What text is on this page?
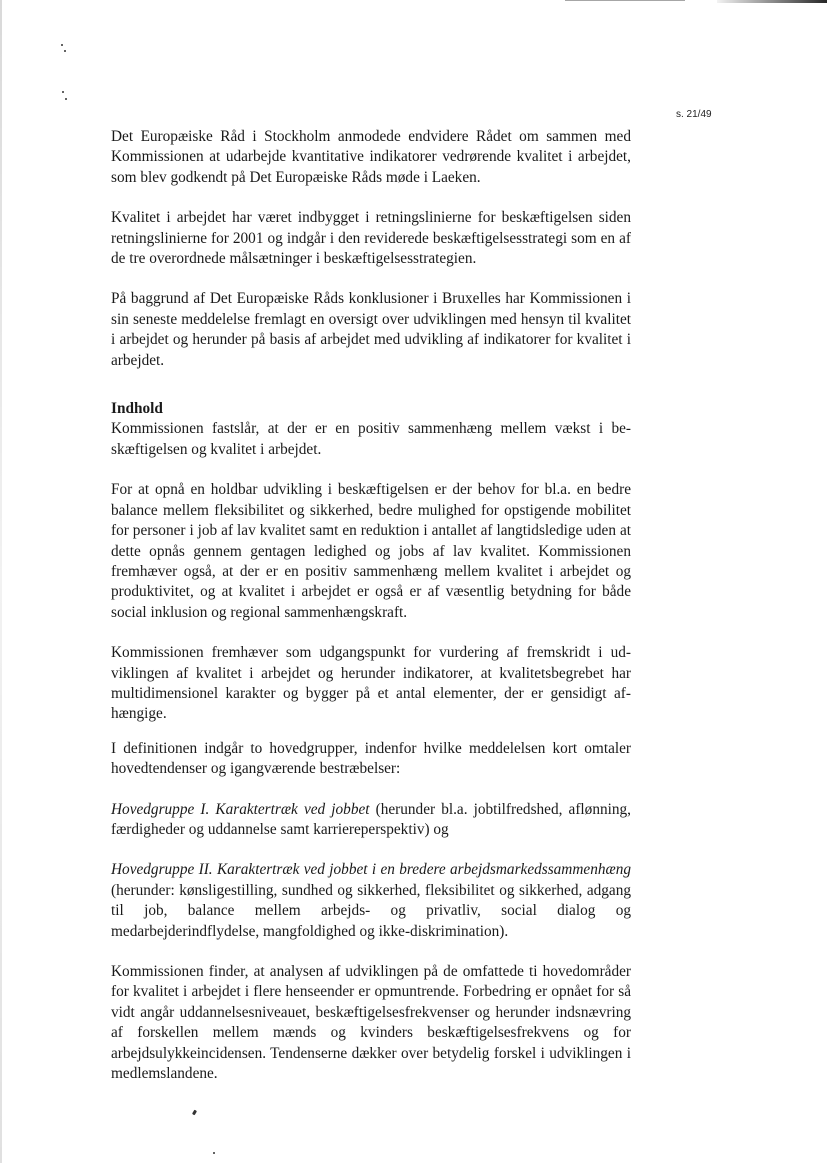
s. 21/49

Det Europæiske Råd i Stockholm anmodede endvidere Rådet om sammen med Kommissionen at udarbejde kvantitative indikatorer vedrørende kvalitet i arbejdet, som blev godkendt på Det Europæiske Råds møde i Laeken.

Kvalitet i arbejdet har været indbygget i retningslinierne for beskæftigelsen siden retningslinierne for 2001 og indgår i den reviderede beskæftigelsesstrategi som en af de tre overordnede målsætninger i beskæftigelsesstrategien.

På baggrund af Det Europæiske Råds konklusioner i Bruxelles har Kommissionen i sin seneste meddelelse fremlagt en oversigt over udviklingen med hensyn til kvalitet i arbejdet og herunder på basis af arbejdet med udvikling af indikatorer for kvalitet i arbejdet.

Indhold

Kommissionen fastslår, at der er en positiv sammenhæng mellem vækst i beskæftigelsen og kvalitet i arbejdet.

For at opnå en holdbar udvikling i beskæftigelsen er der behov for bl.a. en bedre balance mellem fleksibilitet og sikkerhed, bedre mulighed for opstigende mobilitet for personer i job af lav kvalitet samt en reduktion i antallet af langtidsledige uden at dette opnås gennem gentagen ledighed og jobs af lav kvalitet. Kommissionen fremhæver også, at der er en positiv sammenhæng mellem kvalitet i arbejdet og produktivitet, og at kvalitet i arbejdet er også er af væsentlig betydning for både social inklusion og regional sammenhængskraft.

Kommissionen fremhæver som udgangspunkt for vurdering af fremskridt i udviklingen af kvalitet i arbejdet og herunder indikatorer, at kvalitetsbegrebet har multidimensionel karakter og bygger på et antal elementer, der er gensidigt afhængige.

I definitionen indgår to hovedgrupper, indenfor hvilke meddelelsen kort omtaler hovedtendenser og igangværende bestræbelser:

Hovedgruppe I. Karaktertræk ved jobbet (herunder bl.a. jobtilfredshed, aflønning, færdigheder og uddannelse samt karriereperspektiv) og

Hovedgruppe II. Karaktertræk ved jobbet i en bredere arbejdsmarkedssammenhæng (herunder: kønsligestilling, sundhed og sikkerhed, fleksibilitet og sikkerhed, adgang til job, balance mellem arbejds- og privatliv, social dialog og medarbejderindflydelse, mangfoldighed og ikke-diskrimination).

Kommissionen finder, at analysen af udviklingen på de omfattede ti hovedområder for kvalitet i arbejdet i flere henseender er opmuntrende. Forbedring er opnået for så vidt angår uddannelsesniveauet, beskæftigelsesfrekvenser og herunder indsnævring af forskellen mellem mænds og kvinders beskæftigelsesfrekvens og for arbejdsulykkeincidensen. Tendenserne dækker over betydelig forskel i udviklingen i medlemslandene.
